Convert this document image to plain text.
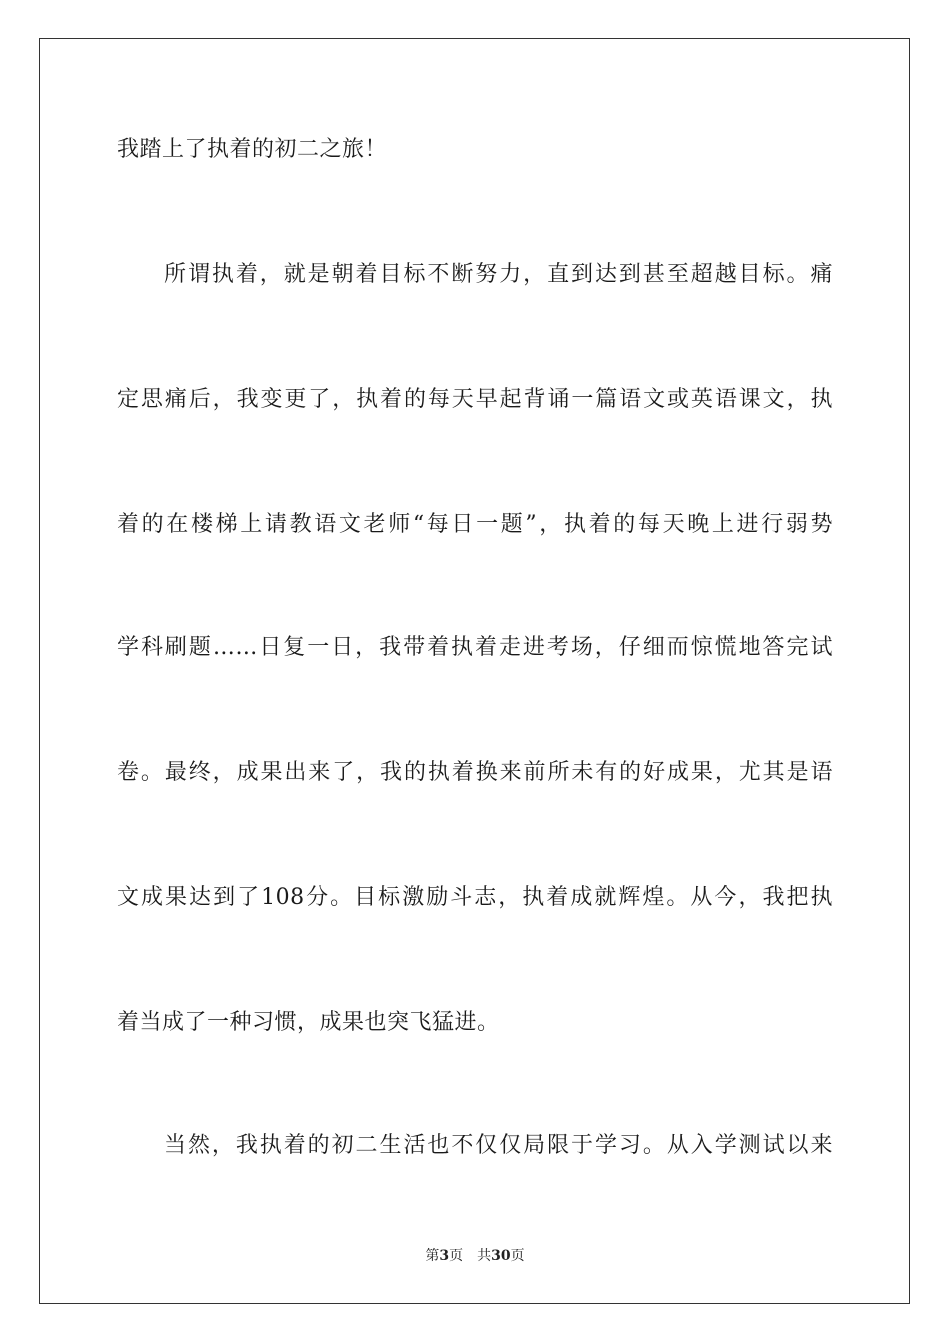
我踏上了执着的初二之旅！
所谓执着，就是朝着目标不断努力，直到达到甚至超越目标。痛
定思痛后，我变更了，执着的每天早起背诵一篇语文或英语课文，执
着的在楼梯上请教语文老师“每日一题”，执着的每天晚上进行弱势
学科刷题……日复一日，我带着执着走进考场，仔细而惊慌地答完试
卷。最终，成果出来了，我的执着换来前所未有的好成果，尤其是语
文成果达到了108分。目标激励斗志，执着成就辉煌。从今，我把执
着当成了一种习惯，成果也突飞猛进。
当然，我执着的初二生活也不仅仅局限于学习。从入学测试以来
第3页 共30页
